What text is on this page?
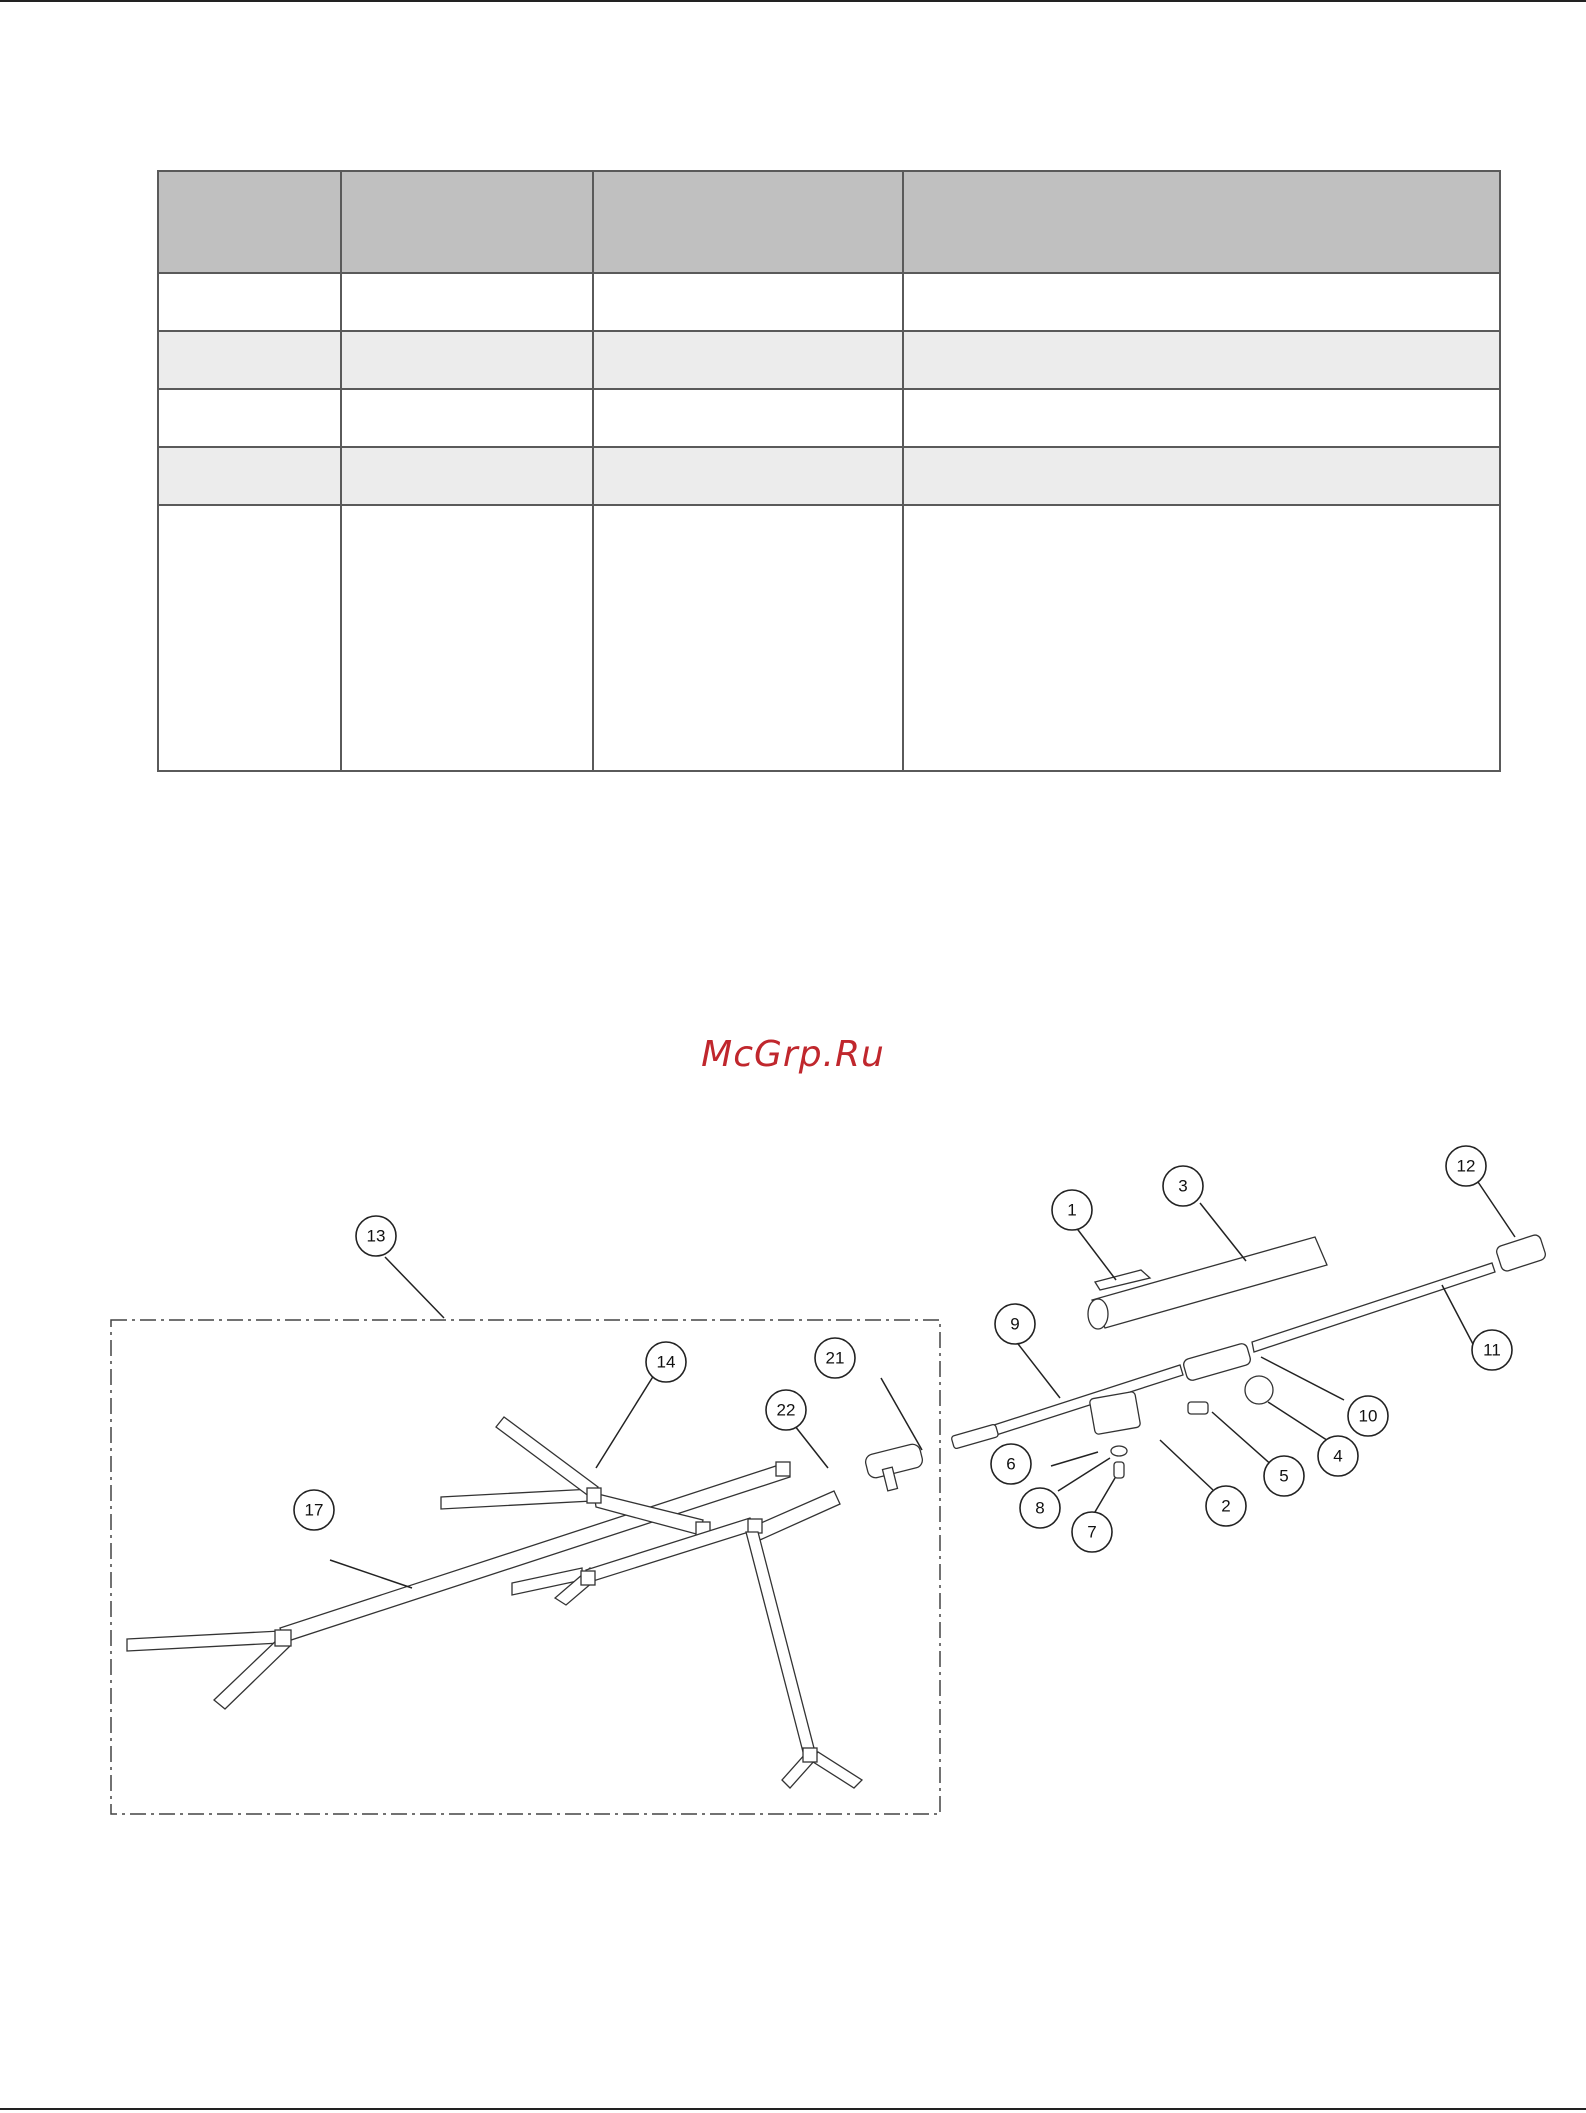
McGrp.Ru
1
2
3
4
5
6
7
8
9
10
11
12
13
14
17
21
22
